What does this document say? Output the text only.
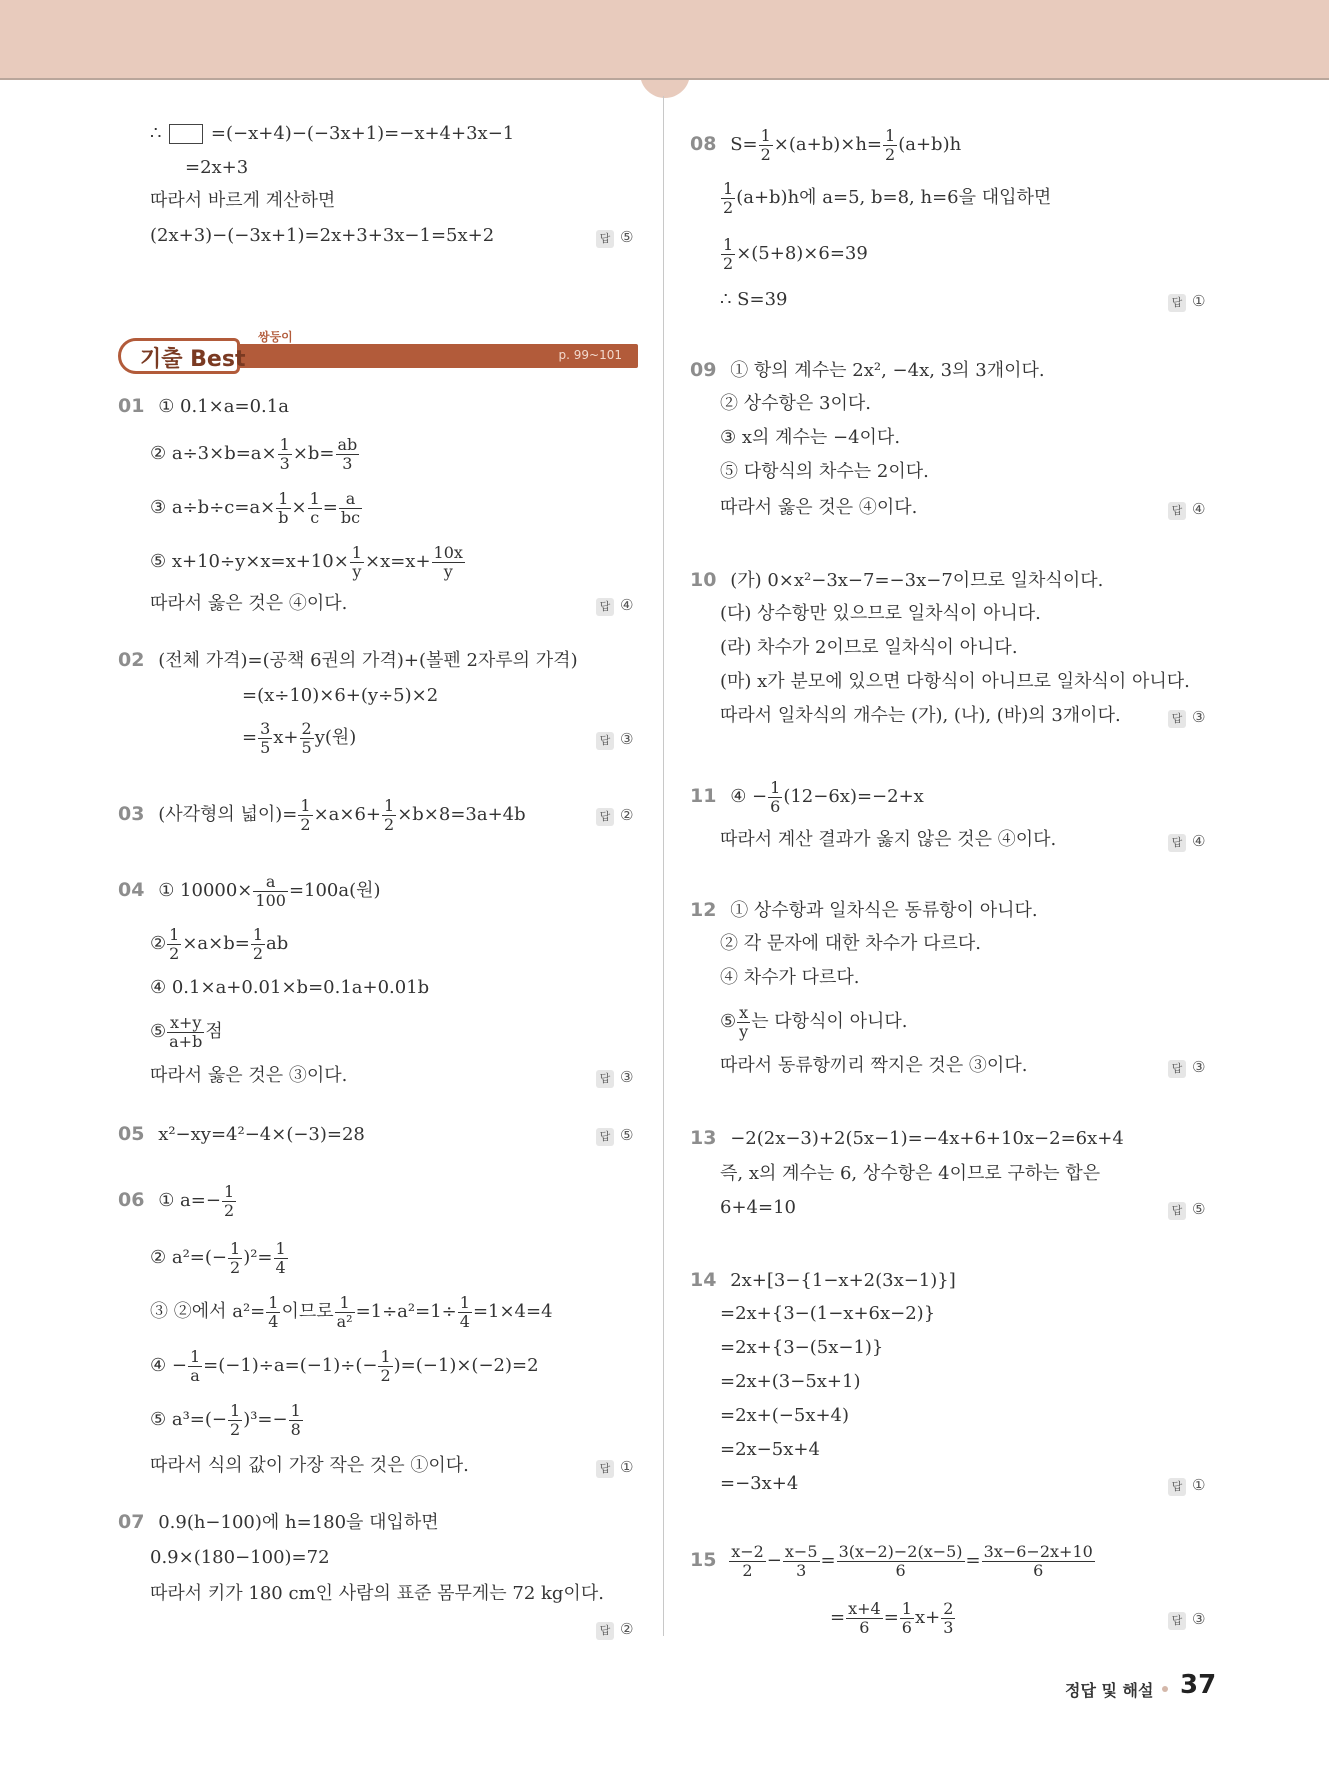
∴	=(−x+4)−(−3x+1)=−x+4+3x−1
=2x+3
따라서 바르게 계산하면
(2x+3)−(−3x+1)=2x+3+3x−1=5x+2	답 ⑤
01 ① 0.1×a=0.1a
② $a\div 3\times b=a\times \frac{1}{3} \times b= \frac{ab}{3}$
③ $a\div b\div c=a\times \frac{1}{b} \times \frac{1}{c} = \frac{a}{bc}$
⑤ $x+10\div y\times x=x+10\times \frac{1}{y} \times x=x+ \frac{10x}{y}$
따라서 옳은 것은 ④이다.	답 ④
02 (전체 가격)=(공책 6권의 가격)+(볼펜 2자루의 가격)
=(x÷10)×6+(y÷5)×2
= $\frac{3}{5} x+ \frac{2}{5} y$(원)	답 ③
03 (사각형의 넓이)= $\frac{1}{2} \times a\times 6+ \frac{1}{2} \times b\times 8=3a+4b$	답 ②
04 ① $10000\times \frac{a}{100} =100a$(원)
② $\frac{1}{2} \times a\times b= \frac{1}{2}$ ab
④ 0.1×a+0.01×b=0.1a+0.01b
⑤ $\frac{x+y}{a+b}$ 점
따라서 옳은 것은 ③이다.	답 ③
05 x²−xy=4²−4×(−3)=28	답 ⑤
06 ① $a=- \frac{1}{2}$
② $a^2=(- \frac{1}{2} )^2= \frac{1}{4}$
③ ②에서 $a^2= \frac{1}{4}$ 이므로 $\frac{1}{\text{a²}} =1\div a^2=1\div \frac{1}{4} =1\times 4=4$
④ − $\frac{1}{a} =(-1)\div a=(-1)\div(- \frac{1}{2} )=(-1)\times(-2)=2$
⑤ $a^3=(- \frac{1}{2} )^3=- \frac{1}{8}$
따라서 식의 값이 가장 작은 것은 ①이다.	답 ①
07 0.9(h−100)에 h=180을 대입하면
0.9×(180−100)=72
따라서 키가 180 cm인 사람의 표준 몸무게는 72 kg이다.
답 ②
기출 Best
쌍둥이
p. 99~101
08 $S= \frac{1}{2} \times(a+b)\times h= \frac{1}{2} (a+b)h$
$\frac{1}{2} (a+b)h$에 a=5, b=8, h=6을 대입하면
$\frac{1}{2} \times(5+8)\times 6=39$
∴ S=39	답 ①
09 ① 항의 계수는 2x², −4x, 3의 3개이다.
② 상수항은 3이다.
③ x의 계수는 −4이다.
⑤ 다항식의 차수는 2이다.
따라서 옳은 것은 ④이다.	답 ④
10 (가) 0×x²−3x−7=−3x−7이므로 일차식이다.
(다) 상수항만 있으므로 일차식이 아니다.
(라) 차수가 2이므로 일차식이 아니다.
(마) x가 분모에 있으면 다항식이 아니므로 일차식이 아니다.
따라서 일차식의 개수는 (가), (나), (바)의 3개이다.	답 ③
11 ④ − $\frac{1}{6} (12-6x)=-2+x$
따라서 계산 결과가 옳지 않은 것은 ④이다.	답 ④
12 ① 상수항과 일차식은 동류항이 아니다.
② 각 문자에 대한 차수가 다르다.
④ 차수가 다르다.
⑤ $\frac{x}{y}$ 는 다항식이 아니다.
따라서 동류항끼리 짝지은 것은 ③이다.	답 ③
13 −2(2x−3)+2(5x−1)=−4x+6+10x−2=6x+4
즉, x의 계수는 6, 상수항은 4이므로 구하는 합은
6+4=10	답 ⑤
14 2x+[3−{1−x+2(3x−1)}]
=2x+{3−(1−x+6x−2)}
=2x+{3−(5x−1)}
=2x+(3−5x+1)
=2x+(−5x+4)
=2x−5x+4
=−3x+4	답 ①
$15 \frac{x-2}{2} - \frac{x-5}{3} = \frac{3(x-2)-2(x-5)}{6} = \frac{3x-6-2x+10}{6}$
= $\frac{x+4}{6} = \frac{1}{6} x+ \frac{2}{3}$	답 ③
정답 및 해설 37
